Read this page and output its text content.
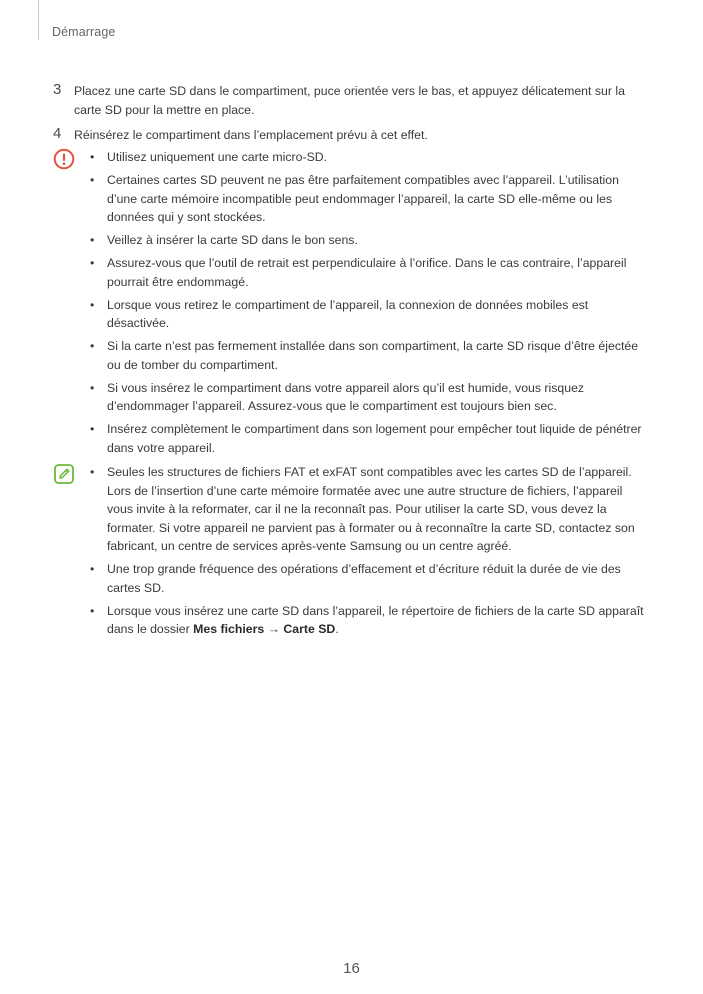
Démarrage
3 Placez une carte SD dans le compartiment, puce orientée vers le bas, et appuyez délicatement sur la carte SD pour la mettre en place.
4 Réinsérez le compartiment dans l’emplacement prévu à cet effet.
• Utilisez uniquement une carte micro-SD.
• Certaines cartes SD peuvent ne pas être parfaitement compatibles avec l’appareil. L’utilisation d’une carte mémoire incompatible peut endommager l’appareil, la carte SD elle-même ou les données qui y sont stockées.
• Veillez à insérer la carte SD dans le bon sens.
• Assurez-vous que l’outil de retrait est perpendiculaire à l’orifice. Dans le cas contraire, l’appareil pourrait être endommagé.
• Lorsque vous retirez le compartiment de l’appareil, la connexion de données mobiles est désactivée.
• Si la carte n’est pas fermement installée dans son compartiment, la carte SD risque d’être éjectée ou de tomber du compartiment.
• Si vous insérez le compartiment dans votre appareil alors qu’il est humide, vous risquez d’endommager l’appareil. Assurez-vous que le compartiment est toujours bien sec.
• Insérez complètement le compartiment dans son logement pour empêcher tout liquide de pénétrer dans votre appareil.
• Seules les structures de fichiers FAT et exFAT sont compatibles avec les cartes SD de l’appareil. Lors de l’insertion d’une carte mémoire formatée avec une autre structure de fichiers, l’appareil vous invite à la reformater, car il ne la reconnaît pas. Pour utiliser la carte SD, vous devez la formater. Si votre appareil ne parvient pas à formater ou à reconnaître la carte SD, contactez son fabricant, un centre de services après-vente Samsung ou un centre agréé.
• Une trop grande fréquence des opérations d’effacement et d’écriture réduit la durée de vie des cartes SD.
• Lorsque vous insérez une carte SD dans l’appareil, le répertoire de fichiers de la carte SD apparaît dans le dossier Mes fichiers → Carte SD.
16
